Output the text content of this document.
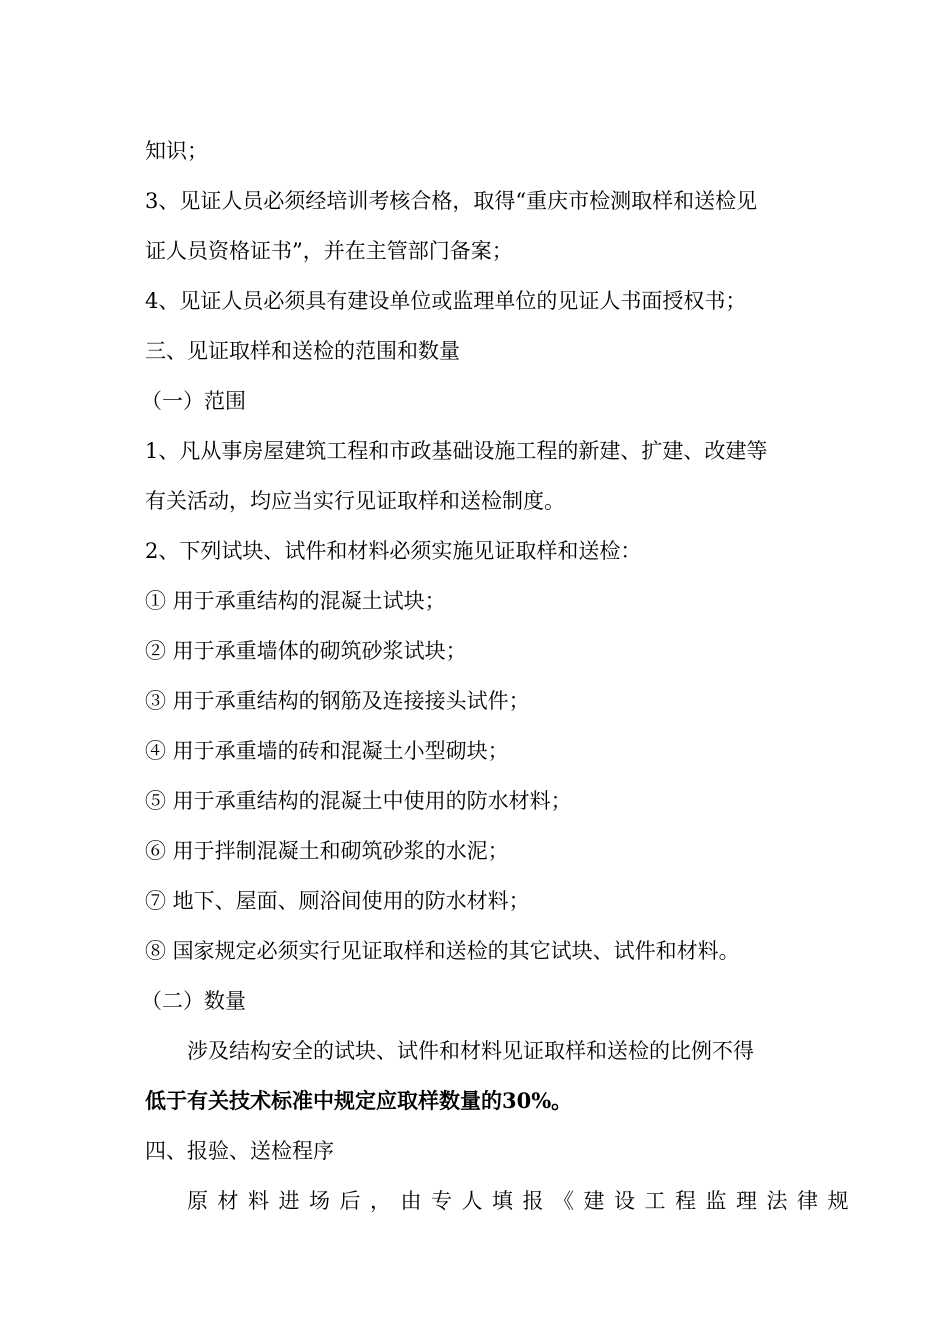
知识；
3、见证人员必须经培训考核合格，取得“重庆市检测取样和送检见
证人员资格证书”，并在主管部门备案；
4、见证人员必须具有建设单位或监理单位的见证人书面授权书；
三、见证取样和送检的范围和数量
（一）范围
1、凡从事房屋建筑工程和市政基础设施工程的新建、扩建、改建等
有关活动，均应当实行见证取样和送检制度。
2、下列试块、试件和材料必须实施见证取样和送检：
① 用于承重结构的混凝土试块；
② 用于承重墙体的砌筑砂浆试块；
③ 用于承重结构的钢筋及连接接头试件；
④ 用于承重墙的砖和混凝土小型砌块；
⑤ 用于承重结构的混凝土中使用的防水材料；
⑥ 用于拌制混凝土和砌筑砂浆的水泥；
⑦ 地下、屋面、厕浴间使用的防水材料；
⑧ 国家规定必须实行见证取样和送检的其它试块、试件和材料。
（二）数量
涉及结构安全的试块、试件和材料见证取样和送检的比例不得
低于有关技术标准中规定应取样数量的30%。
四、报验、送检程序
原材料进场后，由专人填报《建设工程监理法律规
